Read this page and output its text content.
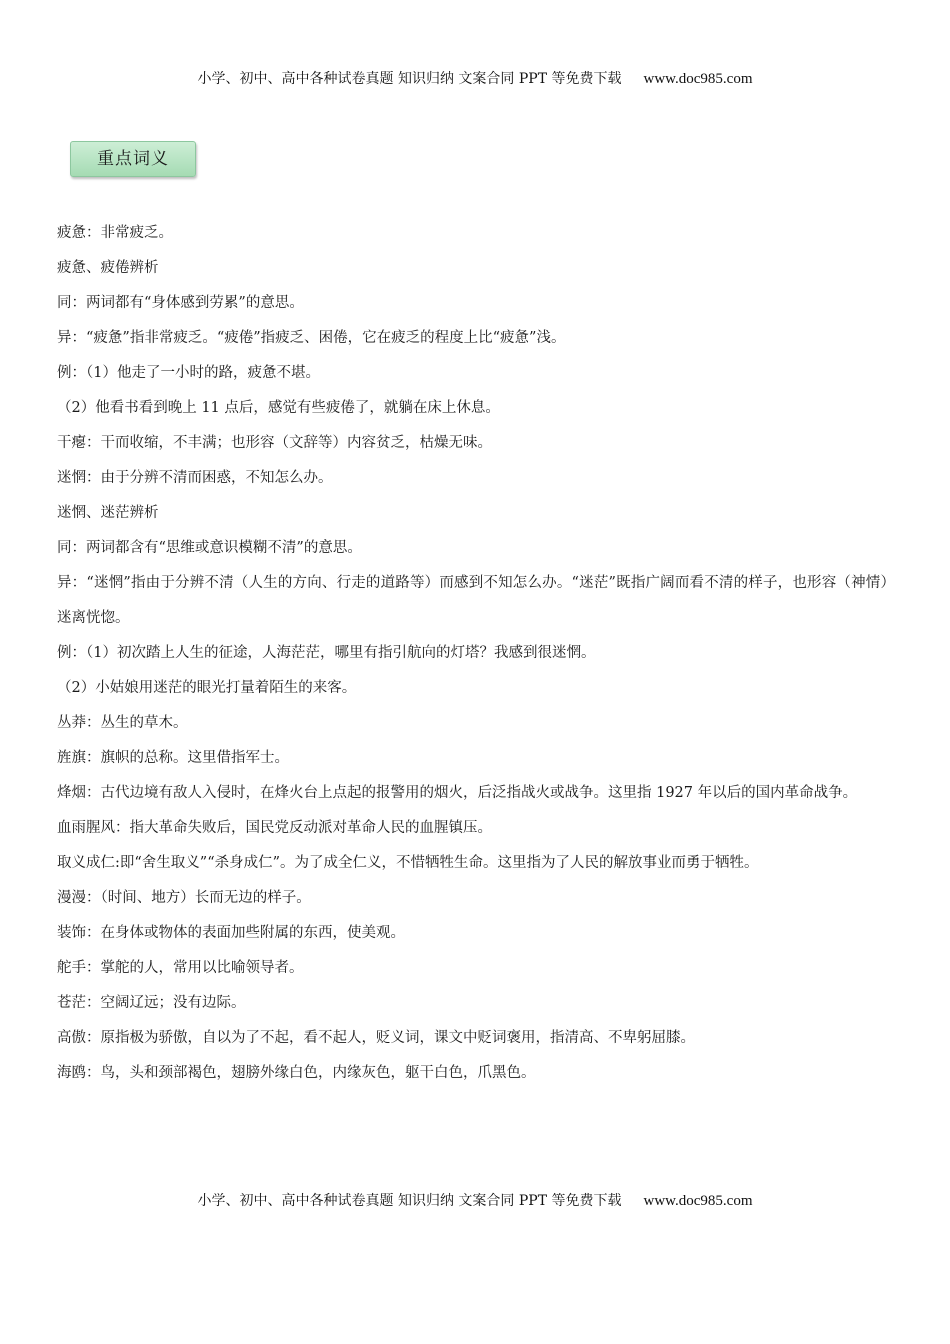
小学、初中、高中各种试卷真题 知识归纳 文案合同 PPT 等免费下载 www.doc985.com
重点词义

疲惫：非常疲乏。

疲惫、疲倦辨析

同：两词都有“身体感到劳累”的意思。

异：“疲惫”指非常疲乏。“疲倦”指疲乏、困倦，它在疲乏的程度上比“疲惫”浅。

例：（1）他走了一小时的路，疲惫不堪。

（2）他看书看到晚上 11 点后，感觉有些疲倦了，就躺在床上休息。

干瘪：干而收缩，不丰满；也形容（文辞等）内容贫乏，枯燥无味。

迷惘：由于分辨不清而困惑，不知怎么办。

迷惘、迷茫辨析

同：两词都含有“思维或意识模糊不清”的意思。

异：“迷惘”指由于分辨不清（人生的方向、行走的道路等）而感到不知怎么办。“迷茫”既指广阔而看不清的样子，也形容（神情）迷离恍惚。

例：（1）初次踏上人生的征途，人海茫茫，哪里有指引航向的灯塔？我感到很迷惘。

（2）小姑娘用迷茫的眼光打量着陌生的来客。

丛莽：丛生的草木。

旌旗：旗帜的总称。这里借指军士。

烽烟：古代边境有敌人入侵时，在烽火台上点起的报警用的烟火，后泛指战火或战争。这里指 1927 年以后的国内革命战争。

血雨腥风：指大革命失败后，国民党反动派对革命人民的血腥镇压。

取义成仁:即“舍生取义”“杀身成仁”。为了成全仁义，不惜牺牲生命。这里指为了人民的解放事业而勇于牺牲。

漫漫：（时间、地方）长而无边的样子。

装饰：在身体或物体的表面加些附属的东西，使美观。

舵手：掌舵的人，常用以比喻领导者。

苍茫：空阔辽远；没有边际。

高傲：原指极为骄傲，自以为了不起，看不起人，贬义词，课文中贬词褒用，指清高、不卑躬屈膝。

海鸥：鸟，头和颈部褐色，翅膀外缘白色，内缘灰色，躯干白色，爪黑色。

小学、初中、高中各种试卷真题 知识归纳 文案合同 PPT 等免费下载 www.doc985.com
